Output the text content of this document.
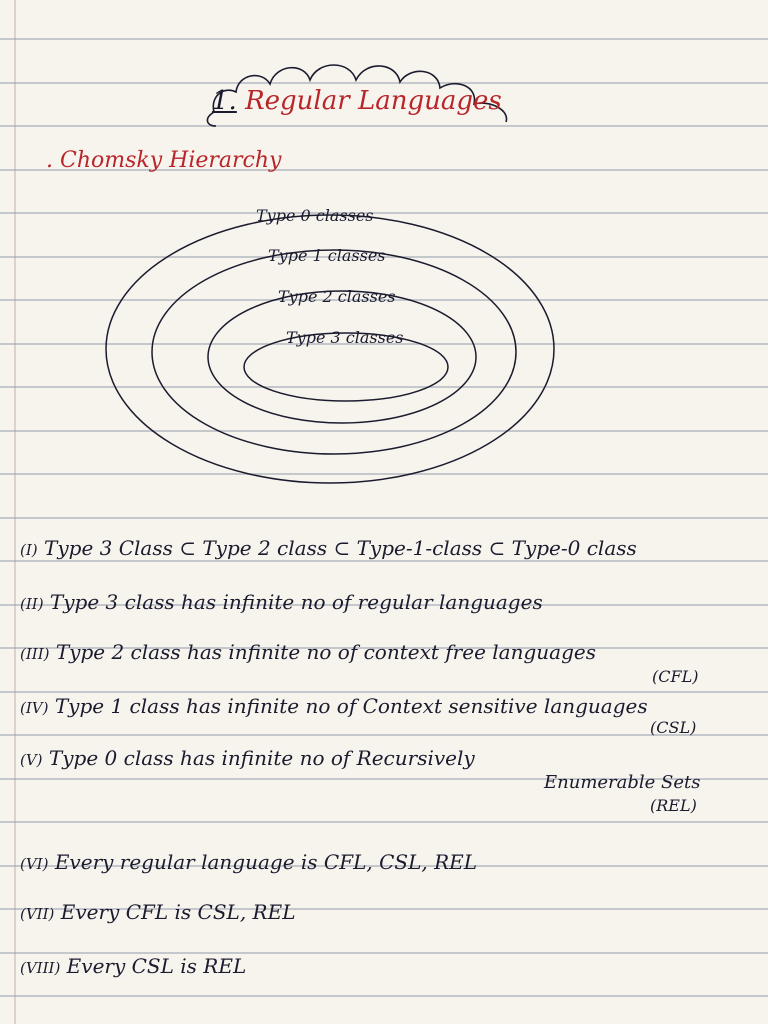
1. Regular Languages
. Chomsky Hierarchy
Type 0 classes
Type 1 classes
Type 2 classes
Type 3 classes
(I) Type 3 Class ⊂ Type 2 class ⊂ Type-1-class ⊂ Type-0 class
(II) Type 3 class has infinite no of regular languages
(III) Type 2 class has infinite no of context free languages
(CFL)
(IV) Type 1 class has infinite no of Context sensitive languages
(CSL)
(V) Type 0 class has infinite no of Recursively
Enumerable Sets
(REL)
(VI) Every regular language is CFL, CSL, REL
(VII) Every CFL is CSL, REL
(VIII) Every CSL is REL
